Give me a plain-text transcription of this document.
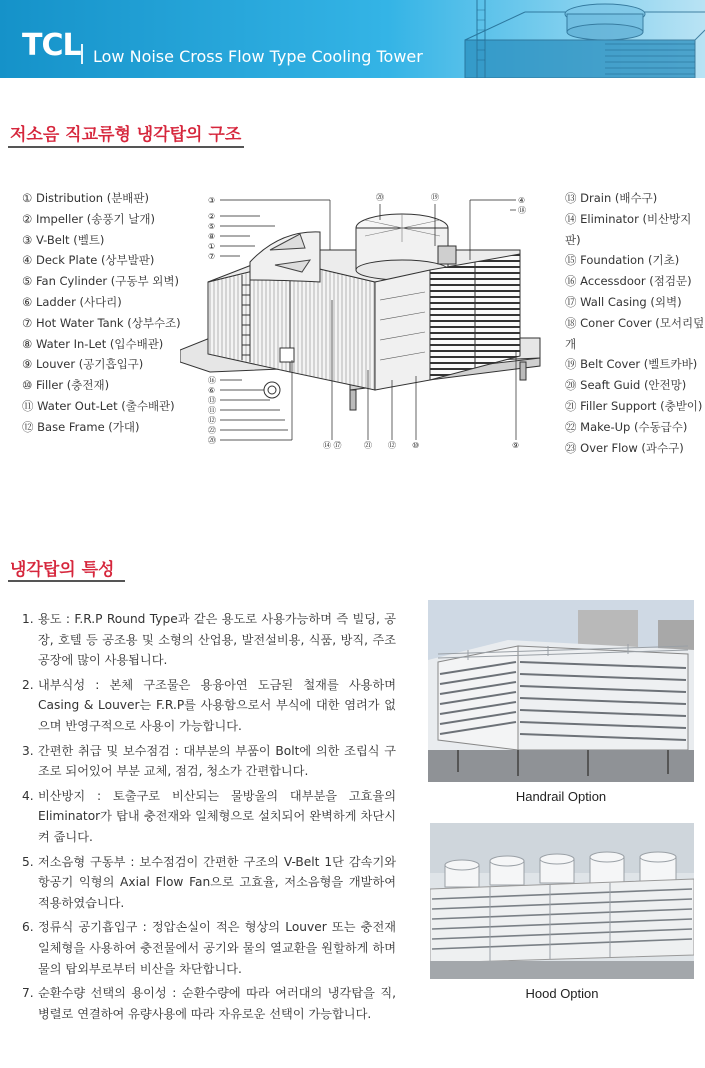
TCL Low Noise Cross Flow Type Cooling Tower
저소음 직교류형 냉각탑의 구조
① Distribution (분배판)
② Impeller (송풍기 날개)
③ V-Belt (벨트)
④ Deck Plate (상부발판)
⑤ Fan Cylinder (구동부 외벽)
⑥ Ladder (사다리)
⑦ Hot Water Tank (상부수조)
⑧ Water In-Let (입수배관)
⑨ Louver (공기흡입구)
⑩ Filler (충전재)
⑪ Water Out-Let (출수배관)
⑫ Base Frame (가대)
⑬ Drain (배수구)
⑭ Eliminator (비산방지판)
⑮ Foundation (기초)
⑯ Accessdoor (점검문)
⑰ Wall Casing (외벽)
⑱ Coner Cover (모서리덮개
⑲ Belt Cover (벨트카바)
⑳ Seaft Guid (안전망)
㉑ Filler Support (충받이)
㉒ Make-Up (수동급수)
㉓ Over Flow (과수구)
③
②
⑤
⑧
①
⑦
⑳	⑲	④
⑱
⑯
⑥
⑬
⑪
⑫
㉒
⑳
⑭ ⑰	㉑ ⑫ ⑩	⑨
냉각탑의 특성
1. 용도 : F.R.P Round Type과 같은 용도로 사용가능하며 즉 빌딩, 공장, 호텔 등 공조용 및 소형의 산업용, 발전설비용, 식품, 방직, 주조공장에 많이 사용됩니다.
2. 내부식성 : 본체 구조물은 용융아연 도금된 철재를 사용하며 Casing & Louver는 F.R.P를 사용함으로서 부식에 대한 염려가 없으며 반영구적으로 사용이 가능합니다.
3. 간편한 취급 및 보수점검 : 대부분의 부품이 Bolt에 의한 조립식 구조로 되어있어 부분 교체, 점검, 청소가 간편합니다.
4. 비산방지 : 토출구로 비산되는 물방울의 대부분을 고효율의 Eliminator가 탑내 충전재와 일체형으로 설치되어 완벽하게 차단시켜 줍니다.
5. 저소음형 구동부 : 보수점검이 간편한 구조의 V-Belt 1단 감속기와 항공기 익형의 Axial Flow Fan으로 고효율, 저소음형을 개발하여 적용하였습니다.
6. 정류식 공기흡입구 : 정압손실이 적은 형상의 Louver 또는 충전재일체형을 사용하여 충전물에서 공기와 물의 열교환을 원할하게 하며 물의 탑외부로부터 비산을 차단합니다.
7. 순환수량 선택의 용이성 : 순환수량에 따라 여러대의 냉각탑을 직, 병렬로 연결하여 유량사용에 따라 자유로운 선택이 가능합니다.
Handrail Option
Hood Option
